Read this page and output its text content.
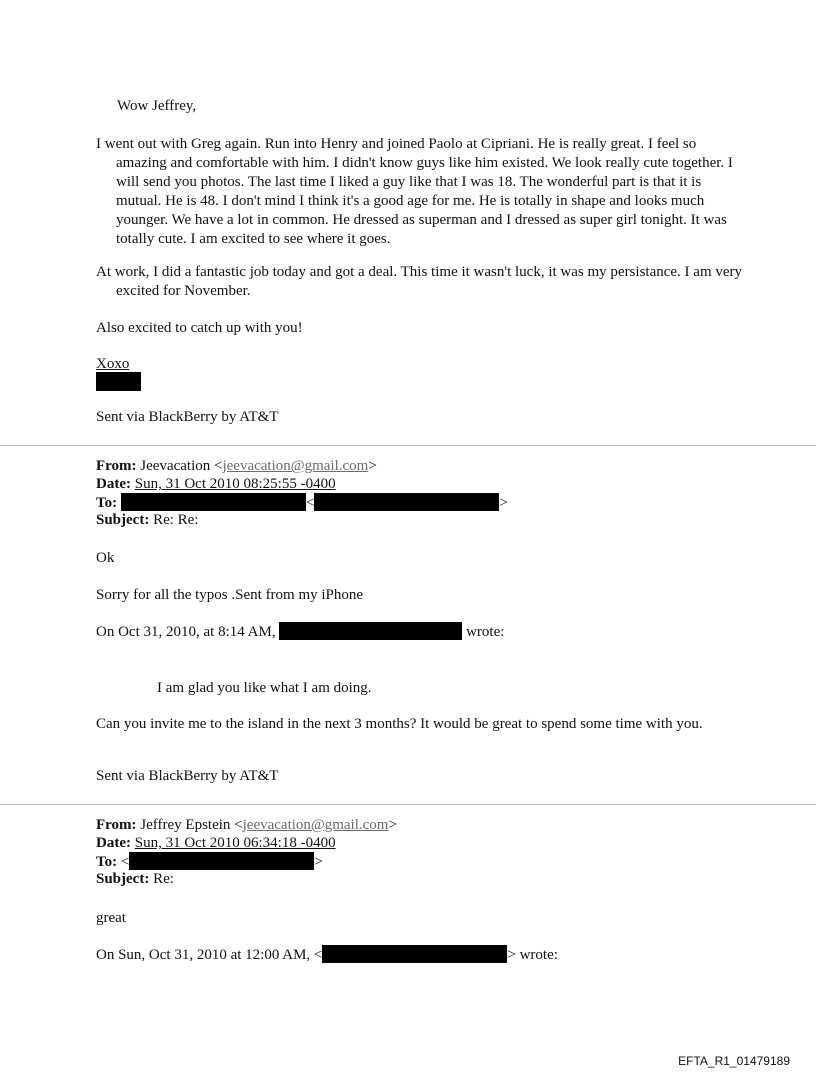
Wow Jeffrey,
I went out with Greg again. Run into Henry and joined Paolo at Cipriani. He is really great. I feel so amazing and comfortable with him. I didn't know guys like him existed. We look really cute together. I will send you photos. The last time I liked a guy like that I was 18. The wonderful part is that it is mutual. He is 48. I don't mind I think it's a good age for me. He is totally in shape and looks much younger. We have a lot in common. He dressed as superman and I dressed as super girl tonight. It was totally cute. I am excited to see where it goes.
At work, I did a fantastic job today and got a deal. This time it wasn't luck, it was my persistance. I am very excited for November.
Also excited to catch up with you!
Xoxo
Sent via BlackBerry by AT&T
From: Jeevacation <jeevacation@gmail.com>
Date: Sun, 31 Oct 2010 08:25:55 -0400
To:	<	>
Subject: Re: Re:
Ok
Sorry for all the typos .Sent from my iPhone
On Oct 31, 2010, at 8:14 AM,	wrote:
I am glad you like what I am doing.
Can you invite me to the island in the next 3 months? It would be great to spend some time with you.
Sent via BlackBerry by AT&T
From: Jeffrey Epstein <jeevacation@gmail.com>
Date: Sun, 31 Oct 2010 06:34:18 -0400
To: <	>
Subject: Re:
great
On Sun, Oct 31, 2010 at 12:00 AM, <	> wrote:
EFTA_R1_01479189
